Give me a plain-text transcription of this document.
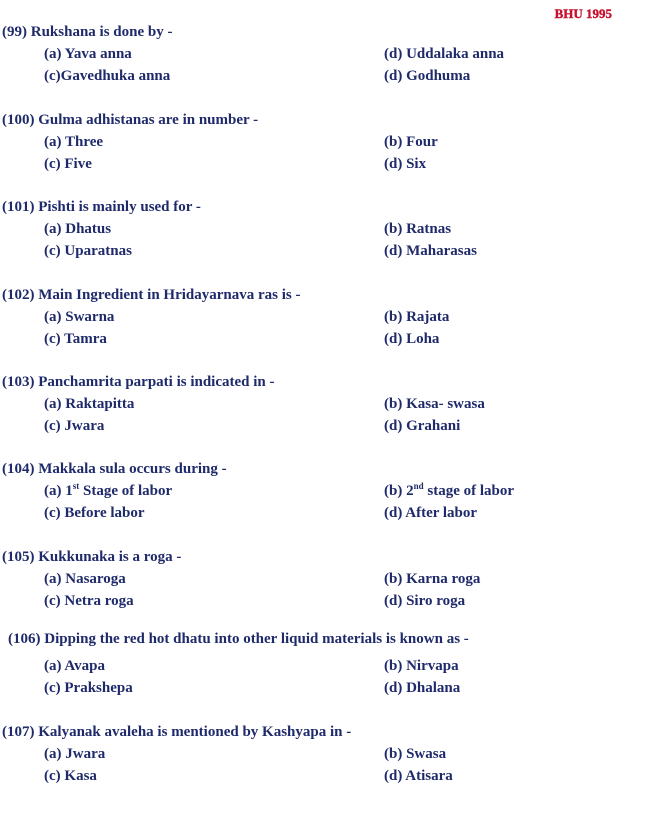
BHU 1995
(99) Rukshana is done by -
(a) Yava anna	(d) Uddalaka anna
(c)Gavedhuka anna	(d) Godhuma
(100) Gulma adhistanas are in number -
(a) Three	(b) Four
(c) Five	(d) Six
(101) Pishti is mainly used for -
(a) Dhatus	(b) Ratnas
(c) Uparatnas	(d) Maharasas
(102) Main Ingredient in Hridayarnava ras is -
(a) Swarna	(b) Rajata
(c) Tamra	(d) Loha
(103) Panchamrita parpati is indicated in -
(a) Raktapitta	(b) Kasa- swasa
(c) Jwara	(d) Grahani
(104) Makkala sula occurs during -
(a) 1st Stage of labor	(b) 2nd stage of labor
(c) Before labor	(d) After labor
(105) Kukkunaka is a roga -
(a) Nasaroga	(b) Karna roga
(c) Netra roga	(d) Siro roga
(106) Dipping the red hot dhatu into other liquid materials is known as -
(a) Avapa	(b) Nirvapa
(c) Prakshepa	(d) Dhalana
(107) Kalyanak avaleha is mentioned by Kashyapa in -
(a) Jwara	(b) Swasa
(c) Kasa	(d) Atisara
